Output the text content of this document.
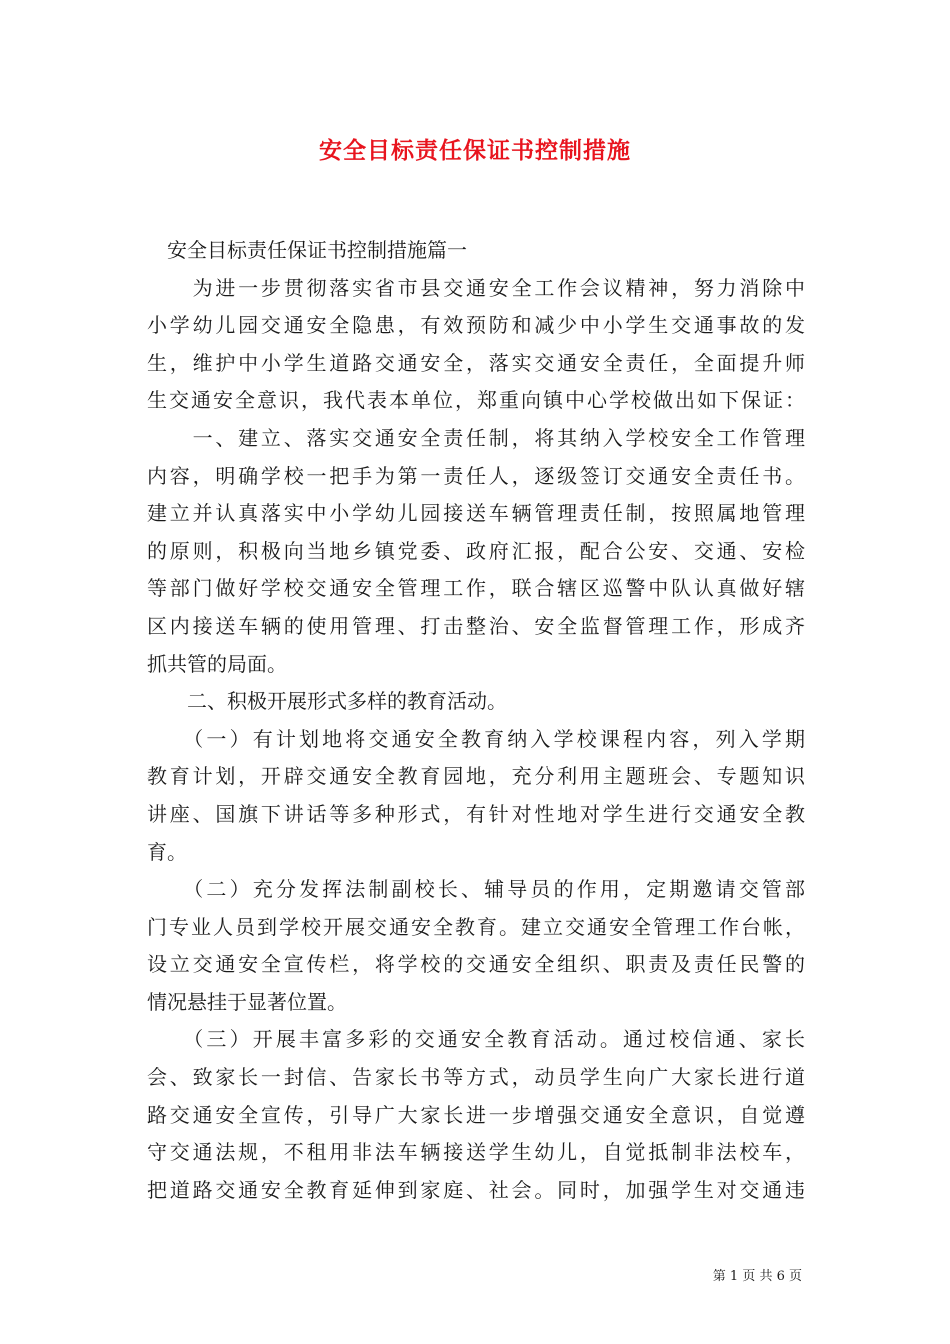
安全目标责任保证书控制措施

　安全目标责任保证书控制措施篇一

　　为进一步贯彻落实省市县交通安全工作会议精神，努力消除中

小学幼儿园交通安全隐患，有效预防和减少中小学生交通事故的发

生，维护中小学生道路交通安全，落实交通安全责任，全面提升师

生交通安全意识，我代表本单位，郑重向镇中心学校做出如下保证：

　　一、建立、落实交通安全责任制，将其纳入学校安全工作管理

内容，明确学校一把手为第一责任人，逐级签订交通安全责任书。

建立并认真落实中小学幼儿园接送车辆管理责任制，按照属地管理

的原则，积极向当地乡镇党委、政府汇报，配合公安、交通、安检

等部门做好学校交通安全管理工作，联合辖区巡警中队认真做好辖

区内接送车辆的使用管理、打击整治、安全监督管理工作，形成齐

抓共管的局面。

　　二、积极开展形式多样的教育活动。

　　（一）有计划地将交通安全教育纳入学校课程内容，列入学期

教育计划，开辟交通安全教育园地，充分利用主题班会、专题知识

讲座、国旗下讲话等多种形式，有针对性地对学生进行交通安全教

育。

　　（二）充分发挥法制副校长、辅导员的作用，定期邀请交管部

门专业人员到学校开展交通安全教育。建立交通安全管理工作台帐，

设立交通安全宣传栏，将学校的交通安全组织、职责及责任民警的

情况悬挂于显著位置。

　　（三）开展丰富多彩的交通安全教育活动。通过校信通、家长

会、致家长一封信、告家长书等方式，动员学生向广大家长进行道

路交通安全宣传，引导广大家长进一步增强交通安全意识，自觉遵

守交通法规，不租用非法车辆接送学生幼儿，自觉抵制非法校车，

把道路交通安全教育延伸到家庭、社会。同时，加强学生对交通违

第 1 页 共 6 页
